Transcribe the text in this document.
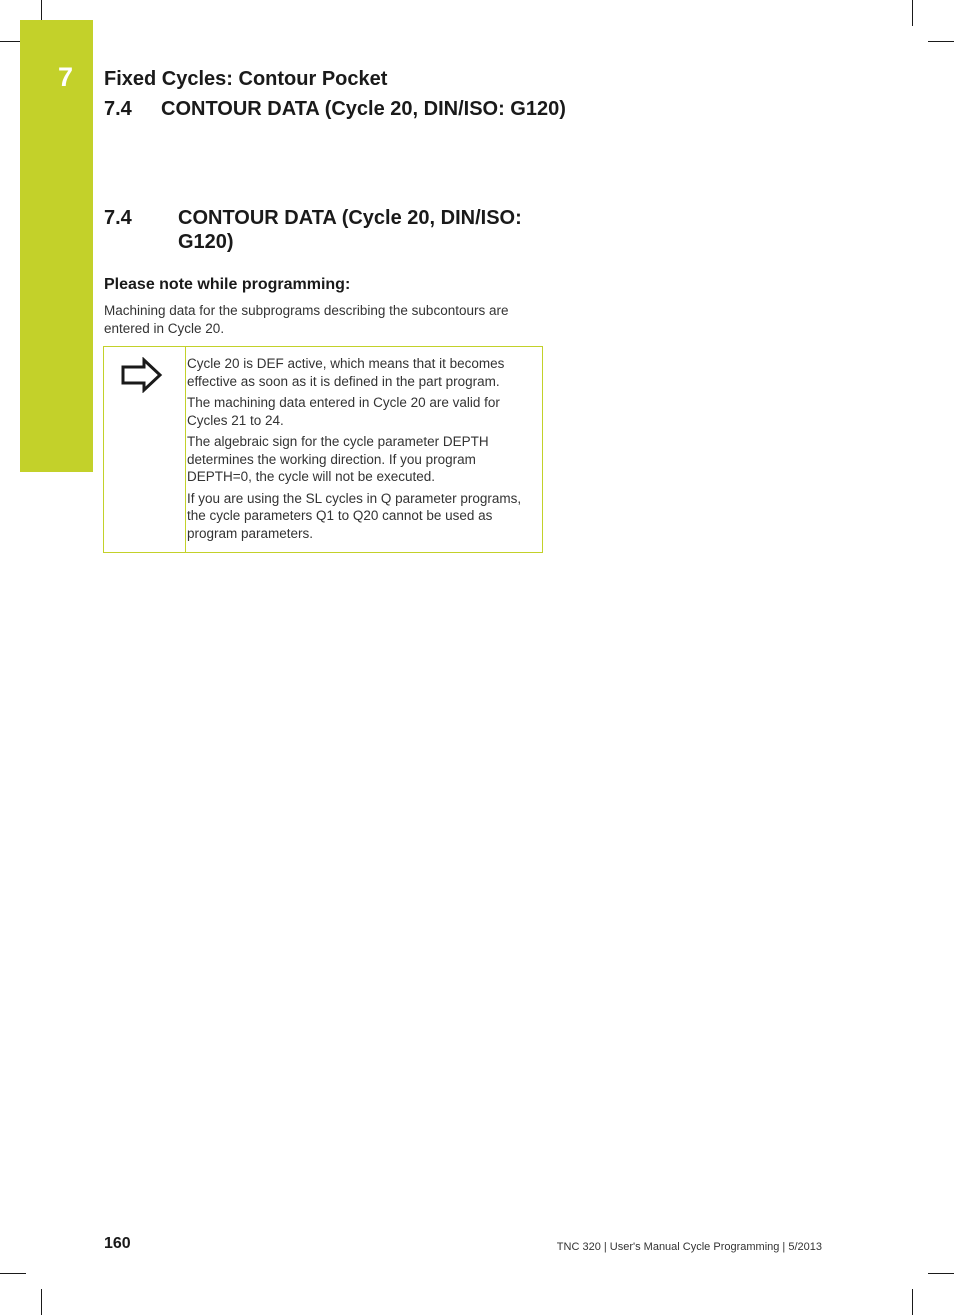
7 Fixed Cycles: Contour Pocket
7.4 CONTOUR DATA (Cycle 20, DIN/ISO: G120)
7.4 CONTOUR DATA (Cycle 20, DIN/ISO: G120)
Please note while programming:
Machining data for the subprograms describing the subcontours are entered in Cycle 20.

Cycle 20 is DEF active, which means that it becomes effective as soon as it is defined in the part program.

The machining data entered in Cycle 20 are valid for Cycles 21 to 24.

The algebraic sign for the cycle parameter DEPTH determines the working direction. If you program DEPTH=0, the cycle will not be executed.

If you are using the SL cycles in Q parameter programs, the cycle parameters Q1 to Q20 cannot be used as program parameters.

160	TNC 320 | User's Manual Cycle Programming | 5/2013
